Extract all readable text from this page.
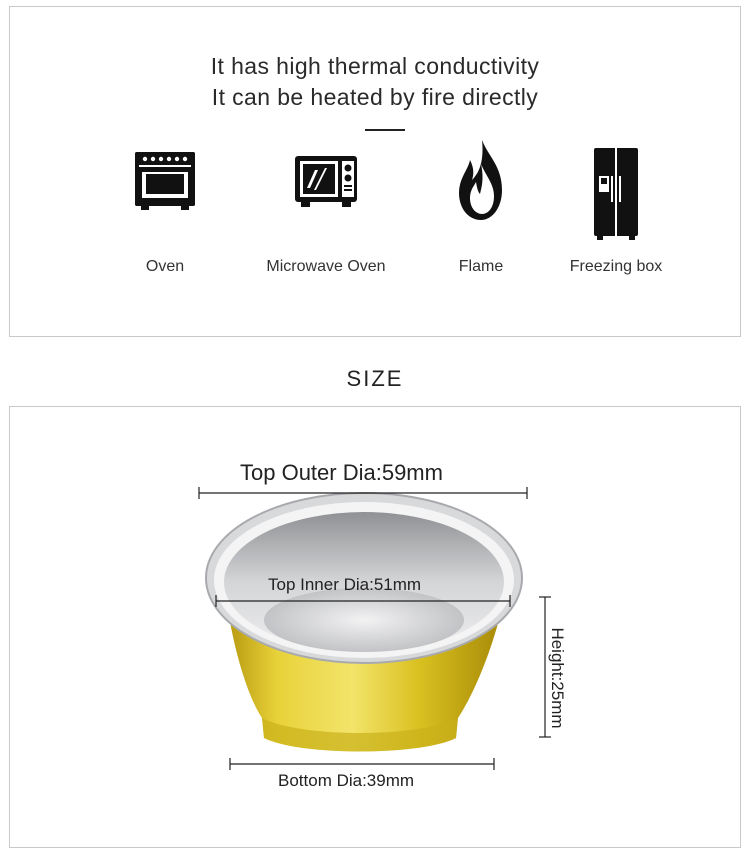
It has high thermal conductivity
It can be heated by fire directly
Oven	Microwave Oven	Flame	Freezing box
SIZE
Top Outer Dia:59mm
Top Inner Dia:51mm
Height:25mm
Bottom Dia:39mm
